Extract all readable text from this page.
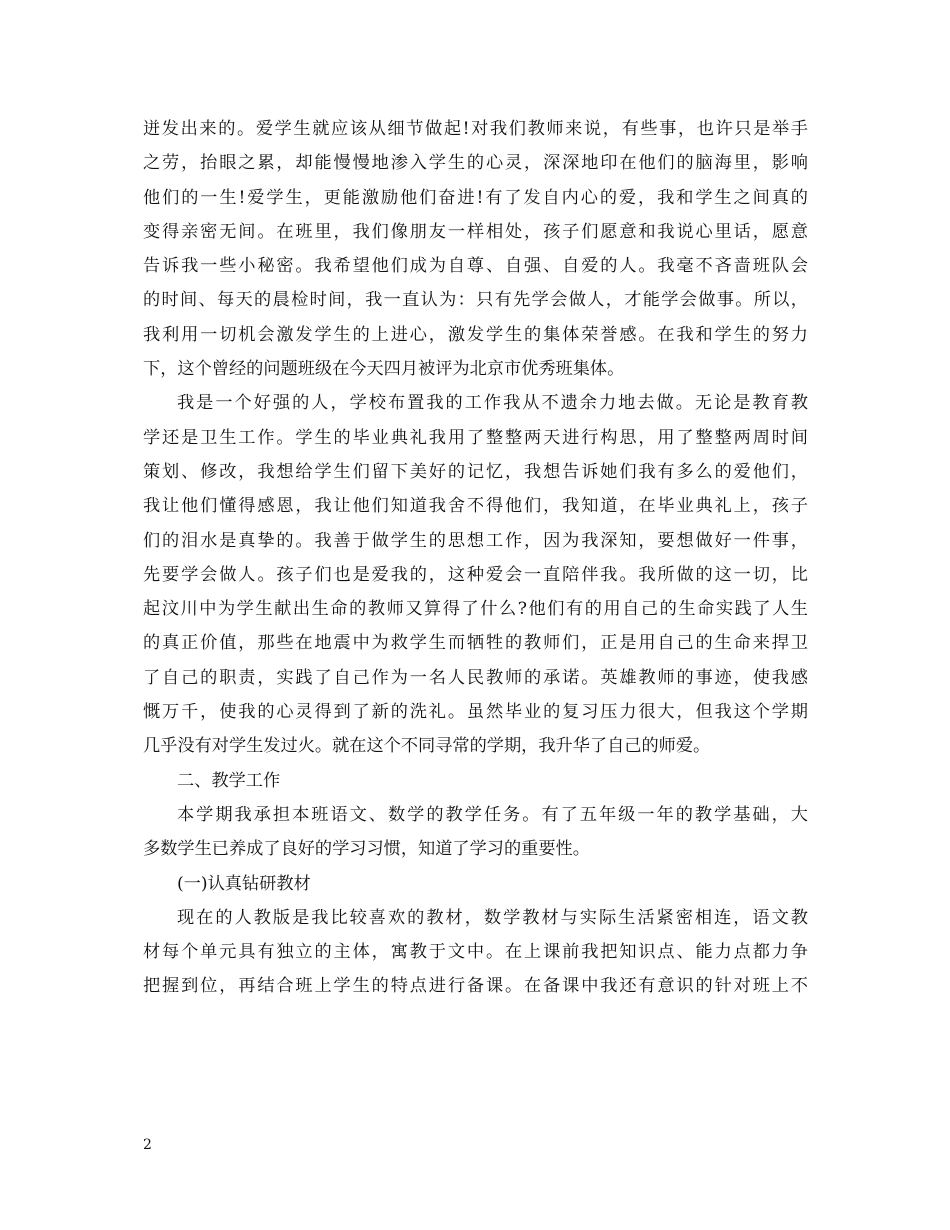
迸发出来的。爱学生就应该从细节做起!对我们教师来说，有些事，也许只是举手
之劳，抬眼之累，却能慢慢地渗入学生的心灵，深深地印在他们的脑海里，影响
他们的一生!爱学生，更能激励他们奋进!有了发自内心的爱，我和学生之间真的
变得亲密无间。在班里，我们像朋友一样相处，孩子们愿意和我说心里话，愿意
告诉我一些小秘密。我希望他们成为自尊、自强、自爱的人。我毫不吝啬班队会
的时间、每天的晨检时间，我一直认为：只有先学会做人，才能学会做事。所以，
我利用一切机会激发学生的上进心，激发学生的集体荣誉感。在我和学生的努力
下，这个曾经的问题班级在今天四月被评为北京市优秀班集体。
我是一个好强的人，学校布置我的工作我从不遗余力地去做。无论是教育教
学还是卫生工作。学生的毕业典礼我用了整整两天进行构思，用了整整两周时间
策划、修改，我想给学生们留下美好的记忆，我想告诉她们我有多么的爱他们，
我让他们懂得感恩，我让他们知道我舍不得他们，我知道，在毕业典礼上，孩子
们的泪水是真挚的。我善于做学生的思想工作，因为我深知，要想做好一件事，
先要学会做人。孩子们也是爱我的，这种爱会一直陪伴我。我所做的这一切，比
起汶川中为学生献出生命的教师又算得了什么?他们有的用自己的生命实践了人生
的真正价值，那些在地震中为救学生而牺牲的教师们，正是用自己的生命来捍卫
了自己的职责，实践了自己作为一名人民教师的承诺。英雄教师的事迹，使我感
慨万千，使我的心灵得到了新的洗礼。虽然毕业的复习压力很大，但我这个学期
几乎没有对学生发过火。就在这个不同寻常的学期，我升华了自己的师爱。
二、教学工作
本学期我承担本班语文、数学的教学任务。有了五年级一年的教学基础，大
多数学生已养成了良好的学习习惯，知道了学习的重要性。
(一)认真钻研教材
现在的人教版是我比较喜欢的教材，数学教材与实际生活紧密相连，语文教
材每个单元具有独立的主体，寓教于文中。在上课前我把知识点、能力点都力争
把握到位，再结合班上学生的特点进行备课。在备课中我还有意识的针对班上不
2
